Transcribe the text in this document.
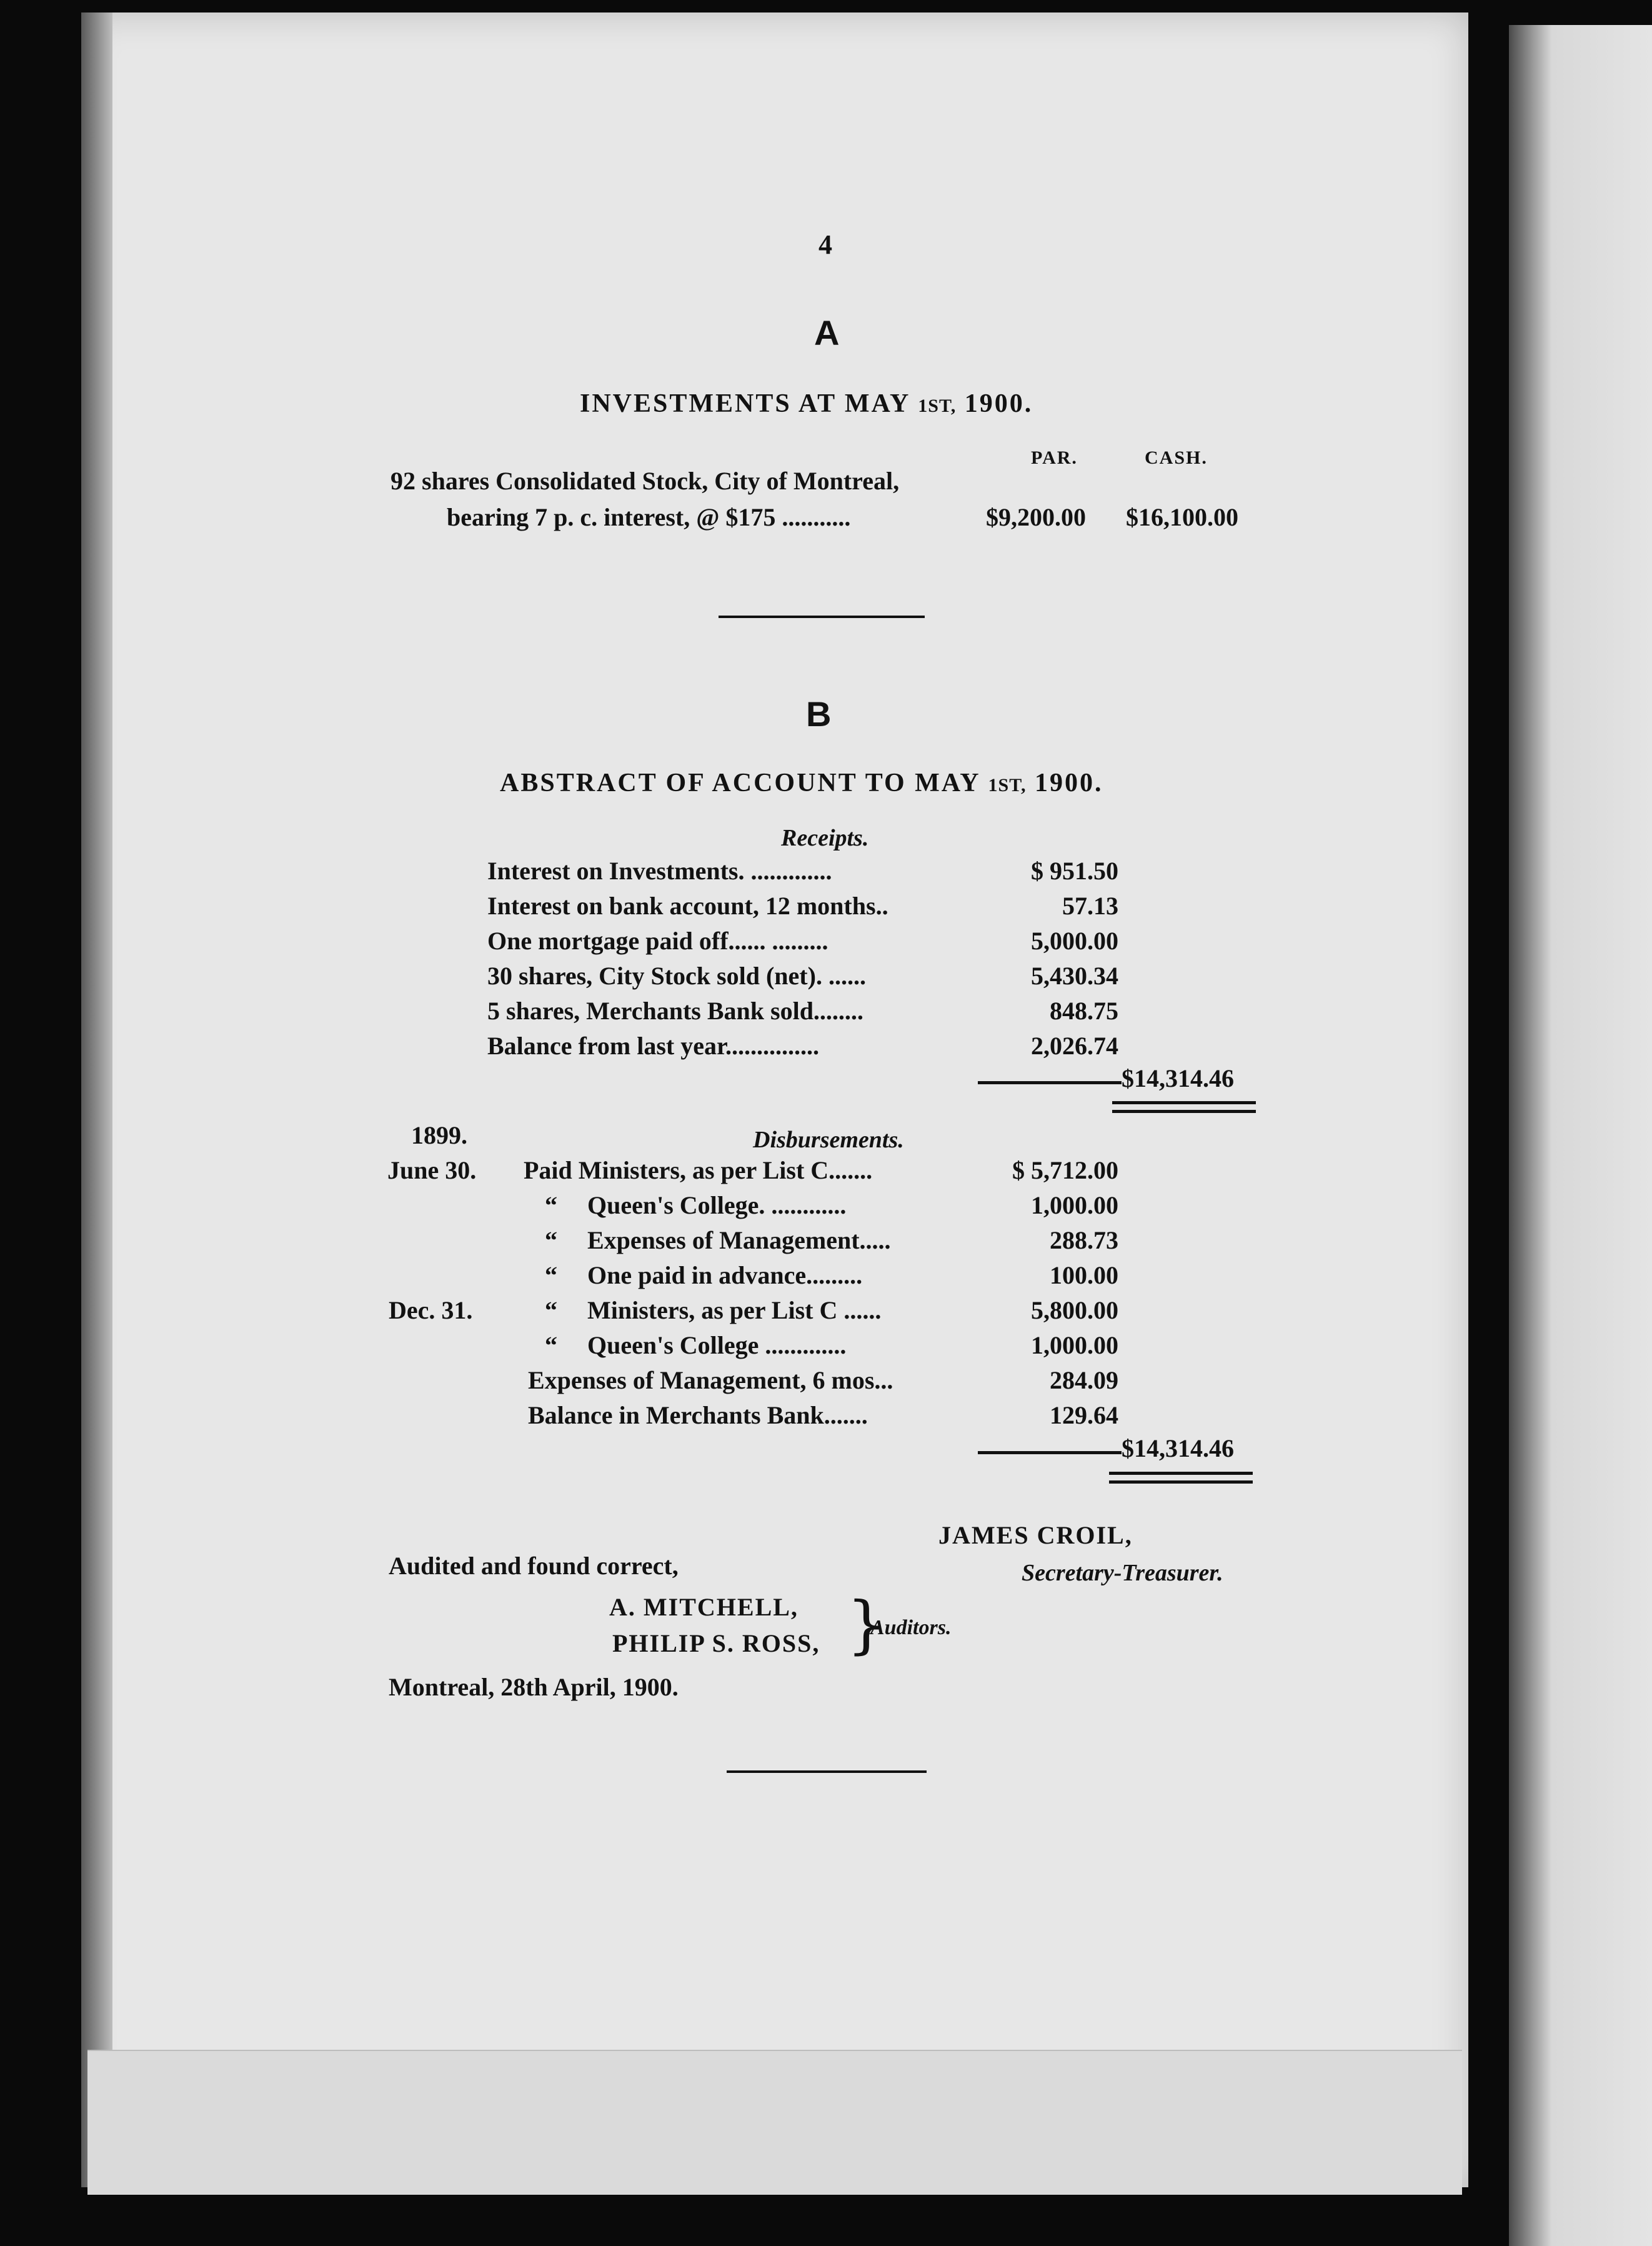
4
A
INVESTMENTS AT MAY 1ST, 1900.
PAR.	CASH.
92 shares Consolidated Stock, City of Montreal,
bearing 7 p. c. interest, @ $175 ...........	$9,200.00 $16,100.00
B
ABSTRACT OF ACCOUNT TO MAY 1ST, 1900.
Receipts.
Interest on Investments. .............	$ 951.50
Interest on bank account, 12 months..	57.13
One mortgage paid off...... .........	5,000.00
30 shares, City Stock sold (net). ......	5,430.34
5 shares, Merchants Bank sold........	848.75
Balance from last year...............	2,026.74
$14,314.46
1899.	Disbursements.
June 30. Paid Ministers, as per List C.......	$ 5,712.00
“ Queen's College. ............	1,000.00
“ Expenses of Management.....	288.73
“ One paid in advance.........	100.00
Dec. 31.	“ Ministers, as per List C ......	5,800.00
“ Queen's College .............	1,000.00
Expenses of Management, 6 mos...	284.09
Balance in Merchants Bank.......	129.64
$14,314.46
JAMES CROIL,
Audited and found correct,	Secretary-Treasurer.
A. MITCHELL,
PHILIP S. ROSS, }
Auditors.
Montreal, 28th April, 1900.
